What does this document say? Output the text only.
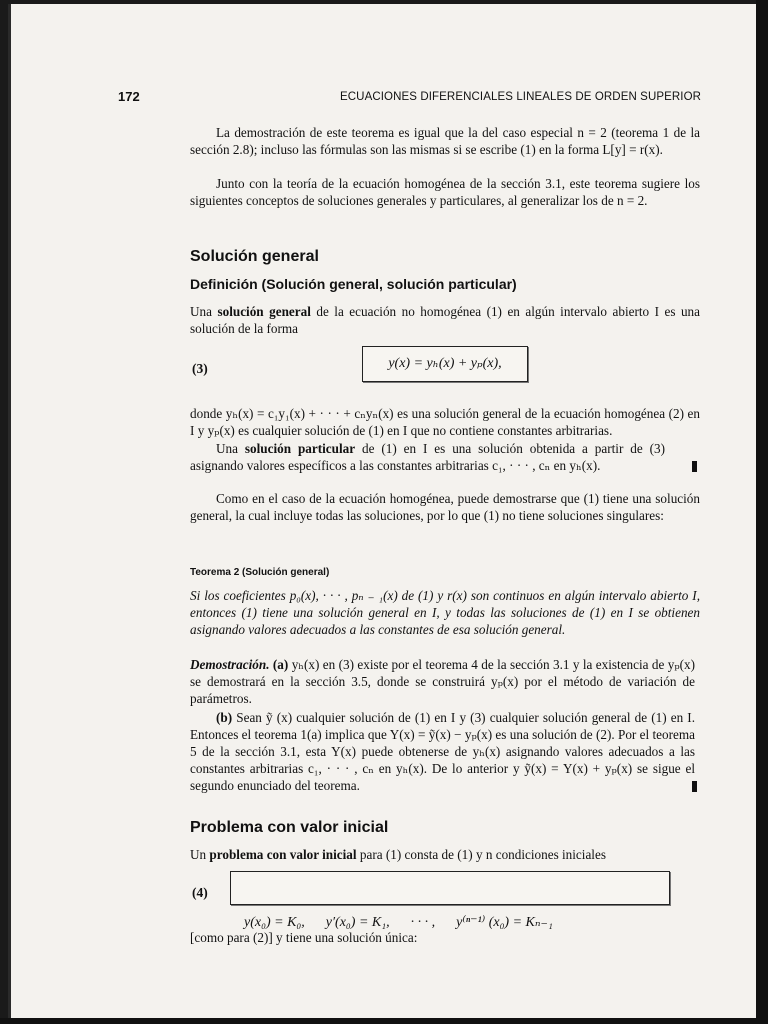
172	ECUACIONES DIFERENCIALES LINEALES DE ORDEN SUPERIOR
La demostración de este teorema es igual que la del caso especial n = 2 (teorema 1 de la sección 2.8); incluso las fórmulas son las mismas si se escribe (1) en la forma L[y] = r(x).
Junto con la teoría de la ecuación homogénea de la sección 3.1, este teorema sugiere los siguientes conceptos de soluciones generales y particulares, al generalizar los de n = 2.
Solución general
Definición (Solución general, solución particular)
Una solución general de la ecuación no homogénea (1) en algún intervalo abierto I es una solución de la forma
(3)	y(x) = yₕ(x) + yₚ(x),
donde yₕ(x) = c₁y₁(x) + · · · + cₙyₙ(x) es una solución general de la ecuación homogénea (2) en I y yₚ(x) es cualquier solución de (1) en I que no contiene constantes arbitrarias.
Una solución particular de (1) en I es una solución obtenida a partir de (3) asignando valores específicos a las constantes arbitrarias c₁, · · · , cₙ en yₕ(x).
Como en el caso de la ecuación homogénea, puede demostrarse que (1) tiene una solución general, la cual incluye todas las soluciones, por lo que (1) no tiene soluciones singulares:
Teorema 2 (Solución general)
Si los coeficientes p₀(x), · · · , pₙ ₋ ₁(x) de (1) y r(x) son continuos en algún intervalo abierto I, entonces (1) tiene una solución general en I, y todas las soluciones de (1) en I se obtienen asignando valores adecuados a las constantes de esa solución general.
Demostración. (a) yₕ(x) en (3) existe por el teorema 4 de la sección 3.1 y la existencia de yₚ(x) se demostrará en la sección 3.5, donde se construirá yₚ(x) por el método de variación de parámetros.
(b) Sean ỹ (x) cualquier solución de (1) en I y (3) cualquier solución general de (1) en I. Entonces el teorema 1(a) implica que Y(x) = ỹ(x) − yₚ(x) es una solución de (2). Por el teorema 5 de la sección 3.1, esta Y(x) puede obtenerse de yₕ(x) asignando valores adecuados a las constantes arbitrarias c₁, · · · , cₙ en yₕ(x). De lo anterior y ỹ(x) = Y(x) + yₚ(x) se sigue el segundo enunciado del teorema.
Problema con valor inicial
Un problema con valor inicial para (1) consta de (1) y n condiciones iniciales
(4)

y(x₀) = K₀,      y′(x₀) = K₁,      · · · ,      y⁽ⁿ⁻¹⁾ (x₀) = Kₙ₋₁

[como para (2)] y tiene una solución única:
